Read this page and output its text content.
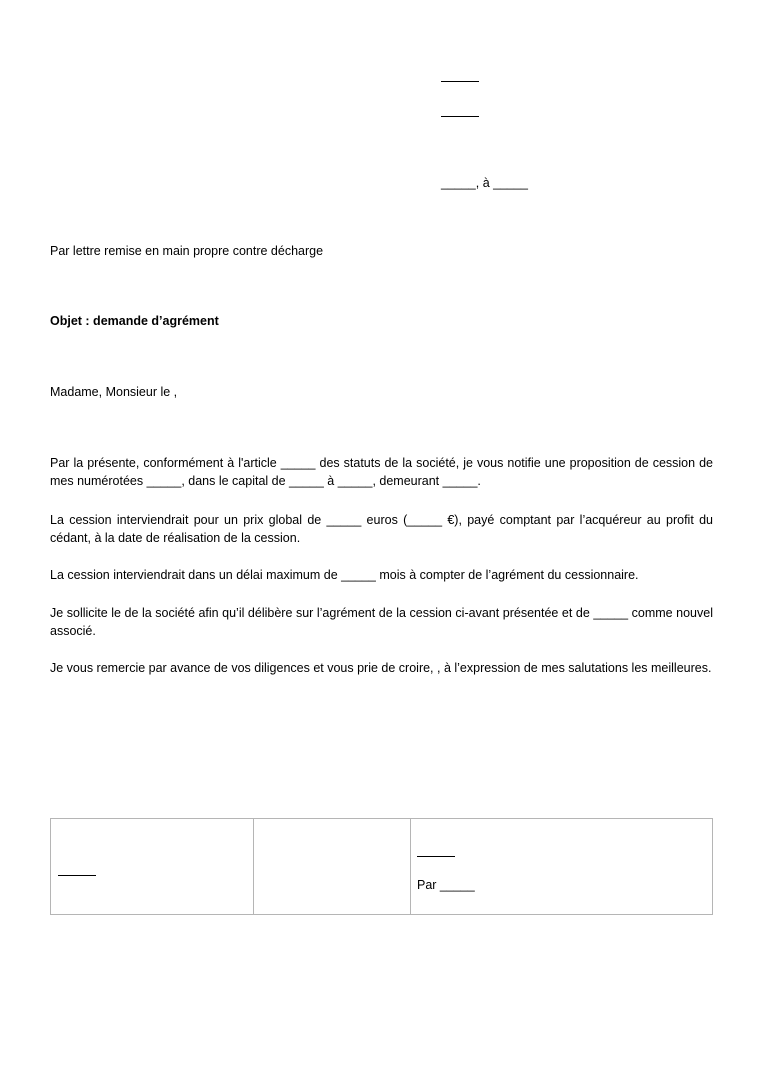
_____, à _____
Par lettre remise en main propre contre décharge
Objet : demande d’agrément
Madame, Monsieur le ,
Par la présente, conformément à l'article _____ des statuts de la société, je vous notifie une proposition de cession de mes numérotées _____, dans le capital de _____ à _____, demeurant _____.
La cession interviendrait pour un prix global de _____ euros (_____ €), payé comptant par l’acquéreur au profit du cédant, à la date de réalisation de la cession.
La cession interviendrait dans un délai maximum de _____ mois à compter de l’agrément du cessionnaire.
Je sollicite le de la société afin qu’il délibère sur l’agrément de la cession ci-avant présentée et de _____ comme nouvel associé.
Je vous remercie par avance de vos diligences et vous prie de croire, , à l’expression de mes salutations les meilleures.
Par _____
